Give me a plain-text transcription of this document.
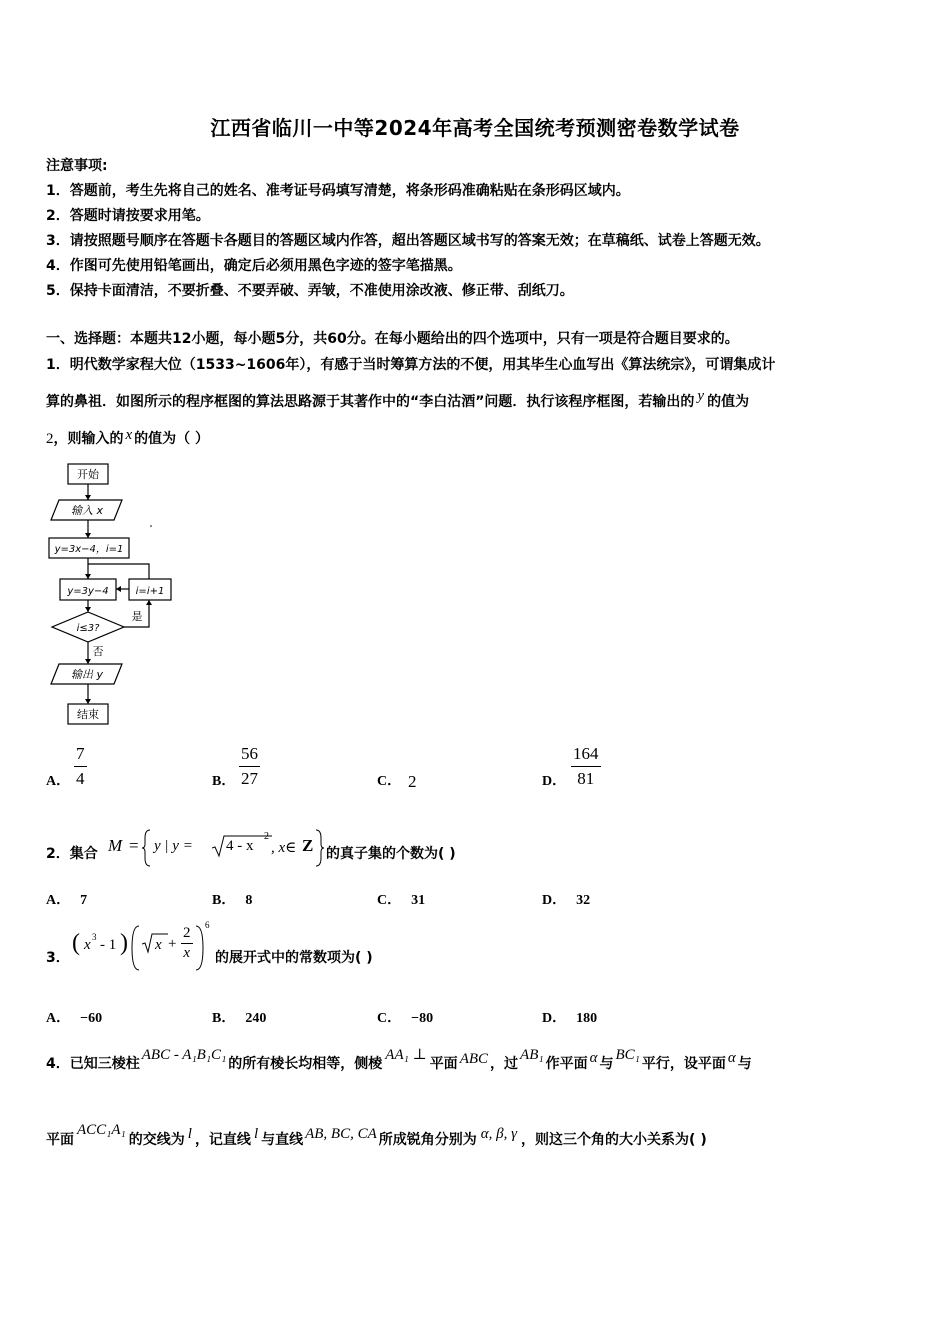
江西省临川一中等2024年高考全国统考预测密卷数学试卷
注意事项:
1．答题前，考生先将自己的姓名、准考证号码填写清楚，将条形码准确粘贴在条形码区域内。
2．答题时请按要求用笔。
3．请按照题号顺序在答题卡各题目的答题区域内作答，超出答题区域书写的答案无效；在草稿纸、试卷上答题无效。
4．作图可先使用铅笔画出，确定后必须用黑色字迹的签字笔描黑。
5．保持卡面清洁，不要折叠、不要弄破、弄皱，不准使用涂改液、修正带、刮纸刀。
一、选择题：本题共12小题，每小题5分，共60分。在每小题给出的四个选项中，只有一项是符合题目要求的。
1．明代数学家程大位（1533~1606年），有感于当时筹算方法的不便，用其毕生心血写出《算法统宗》，可谓集成计
算的鼻祖．如图所示的程序框图的算法思路源于其著作中的“李白沽酒”问题．执行该程序框图，若输出的 y 的值为
2，则输入的 x 的值为（ ）
开始
输入 x
y=3x−4，i=1
y=3y−4	i=i+1
i≤3?
是
否
输出 y
结束
A． $\frac{7}{4}$	B． $\frac{56}{27}$	C． 2	D． $\frac{164}{81}$
2．集合 M = y | y = 4 - x
2
, x∈ Z 的真子集的个数为( )
A． 7	B． 8	C． 31	D． 32
3．
( x 3 - 1 ) x +
2
x
6
的展开式中的常数项为( )
A． −60	B． 240	C． −80	D． 180
4．已知三棱柱ABC - A₁B₁C₁的所有棱长均相等，侧棱AA₁ ⊥平面 ABC ，过AB₁作平面 α 与BC₁平行，设平面 α 与
平面ACC₁A₁的交线为 l ，记直线 l 与直线 AB, BC, CA 所成锐角分别为 α, β, γ ，则这三个角的大小关系为( )
